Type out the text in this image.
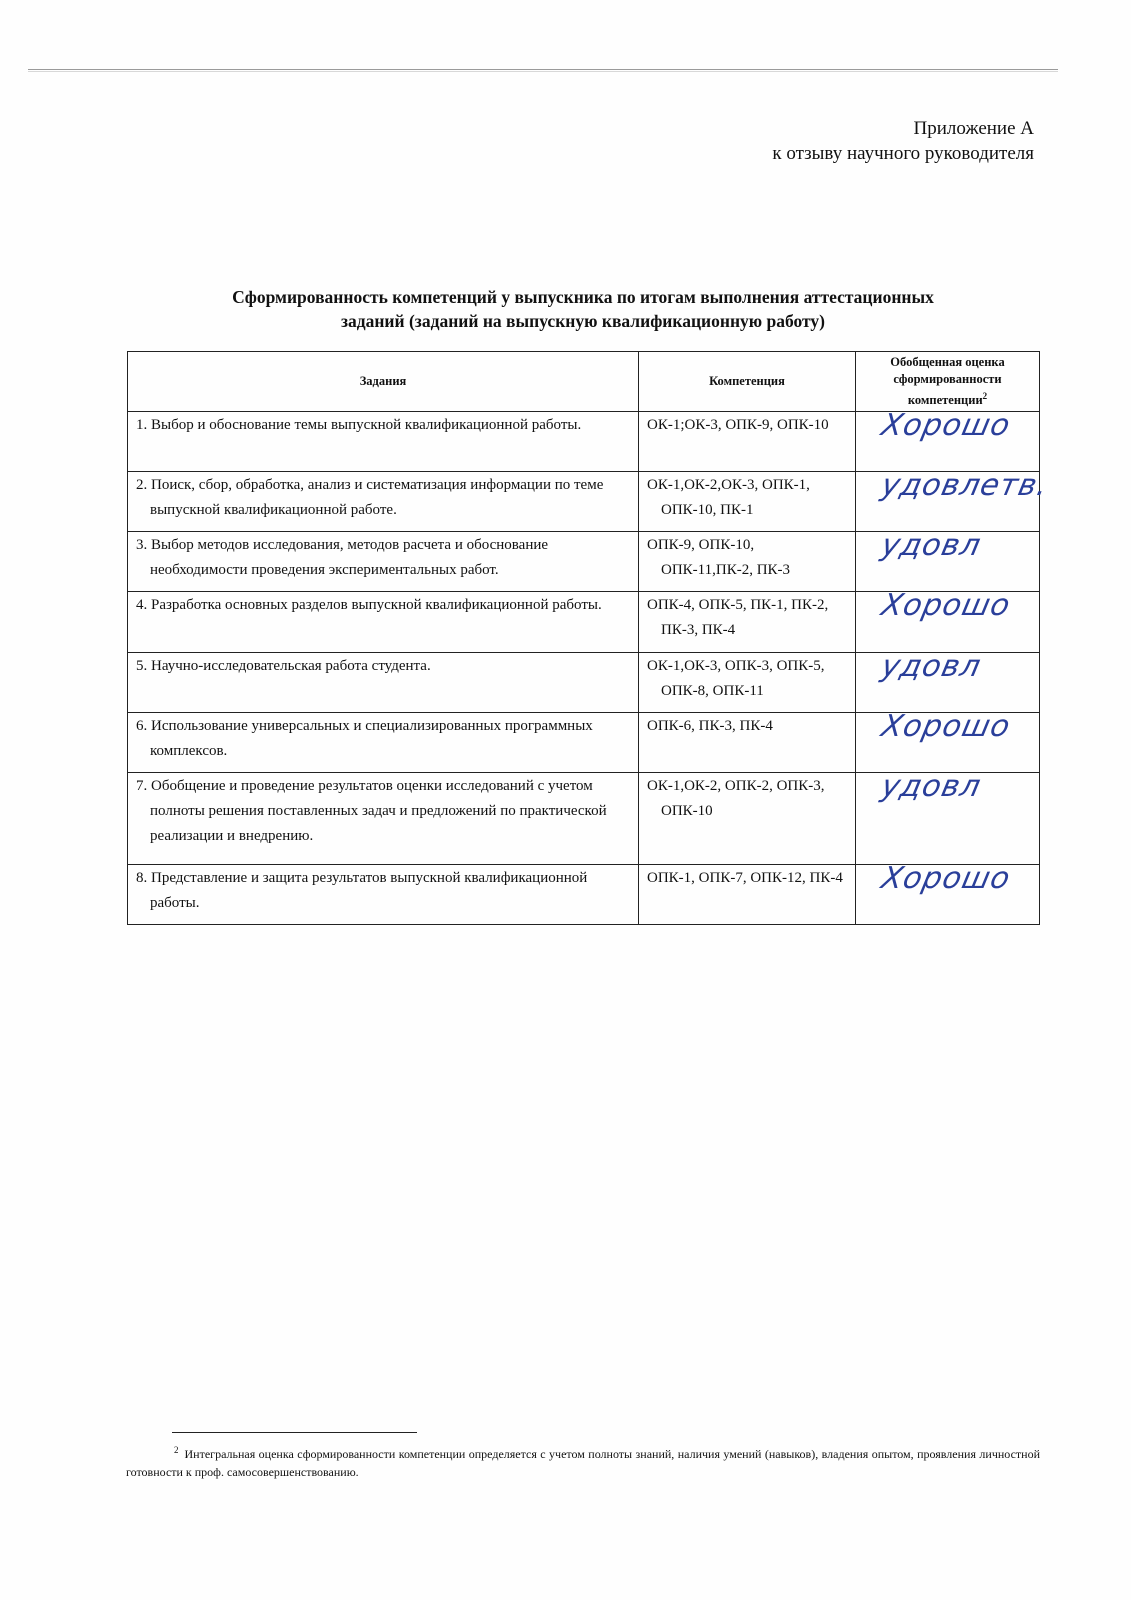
Приложение А
к отзыву научного руководителя
Сформированность компетенций у выпускника по итогам выполнения аттестационных
заданий (заданий на выпускную квалификационную работу)
Задания	Компетенция	Обобщенная оценка сформированности компетенции$^2$

1. Выбор и обоснование темы выпускной квалификационной работы.	ОК-1;ОК-3, ОПК-9, ОПК-10	Хорошо

2. Поиск, сбор, обработка, анализ и систематизация информации по теме выпускной квалификационной работе.	ОК-1,ОК-2,ОК-3, ОПК-1, ОПК-10, ПК-1	удовлетв.

3. Выбор методов исследования, методов расчета и обоснование необходимости проведения экспериментальных работ.	ОПК-9, ОПК-10, ОПК-11,ПК-2, ПК-3	удовл

4. Разработка основных разделов выпускной квалификационной работы.	ОПК-4, ОПК-5, ПК-1, ПК-2, ПК-3, ПК-4	Хорошо

5. Научно-исследовательская работа студента.	ОК-1,ОК-3, ОПК-3, ОПК-5, ОПК-8, ОПК-11	удовл

6. Использование универсальных и специализированных программных комплексов.	ОПК-6, ПК-3, ПК-4	Хорошо

7. Обобщение и проведение результатов оценки исследований с учетом полноты решения поставленных задач и предложений по практической реализации и внедрению.	ОК-1,ОК-2, ОПК-2, ОПК-3, ОПК-10	удовл

8. Представление и защита результатов выпускной квалификационной работы.	ОПК-1, ОПК-7, ОПК-12, ПК-4	Хорошо
$^2$ Интегральная оценка сформированности компетенции определяется с учетом полноты знаний, наличия умений (навыков), владения опытом, проявления личностной готовности к проф. самосовершенствованию.
